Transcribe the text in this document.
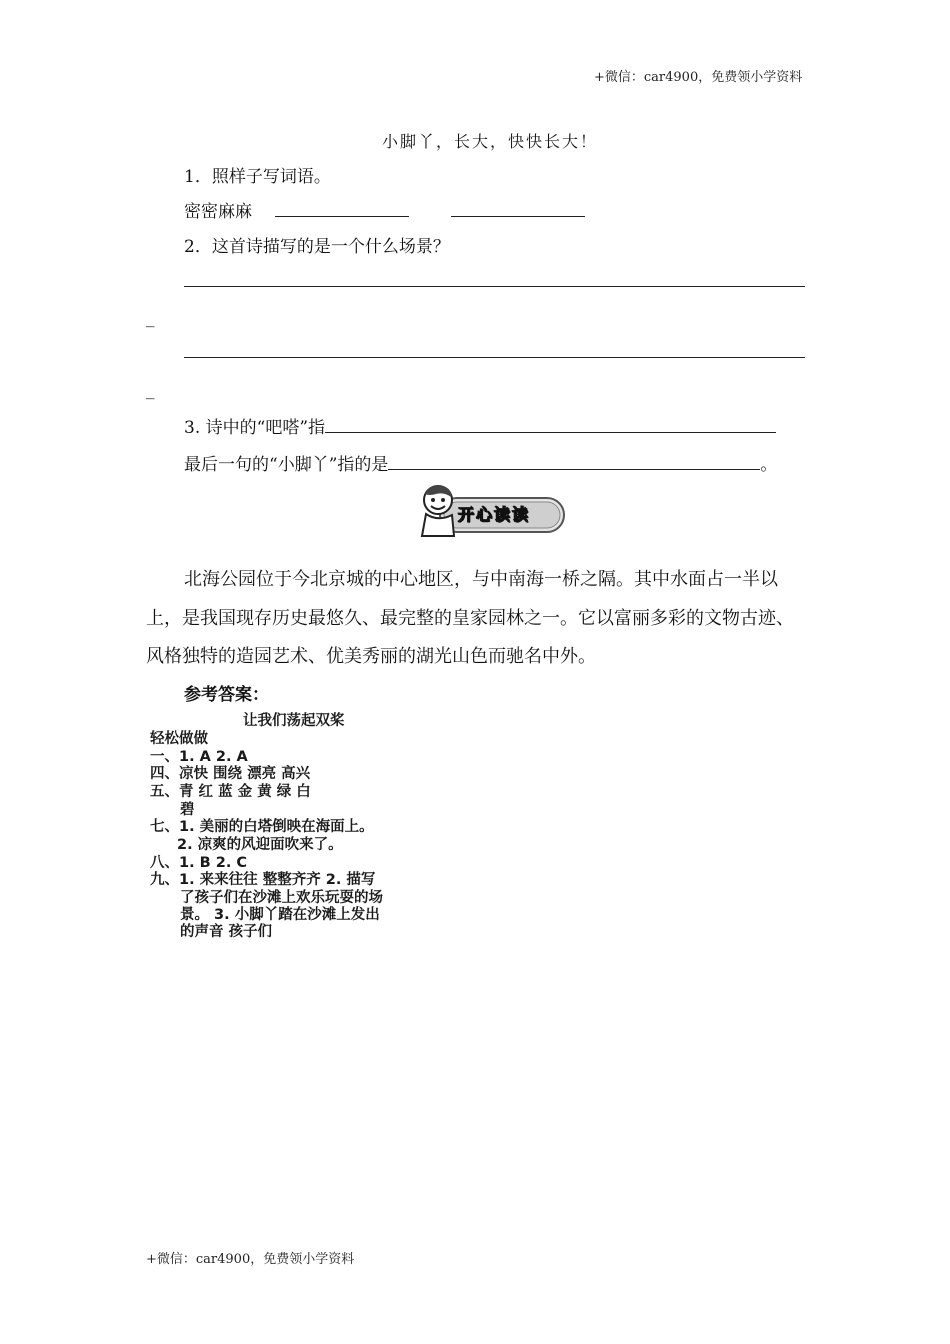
+微信：car4900，免费领小学资料
小脚丫，长大，快快长大！
1．照样子写词语。
密密麻麻
2．这首诗描写的是一个什么场景？
_
_
3. 诗中的“吧嗒”指
最后一句的“小脚丫”指的是	。
开心读读
北海公园位于今北京城的中心地区，与中南海一桥之隔。其中水面占一半以
上，是我国现存历史最悠久、最完整的皇家园林之一。它以富丽多彩的文物古迹、
风格独特的造园艺术、优美秀丽的湖光山色而驰名中外。
参考答案：
让我们荡起双桨
轻松做做
一、1. A 2. A
四、凉快 围绕 漂亮 高兴
五、青 红 蓝 金 黄 绿 白
碧
七、1. 美丽的白塔倒映在海面上。
2. 凉爽的风迎面吹来了。
八、1. B 2. C
九、1. 来来往往 整整齐齐 2. 描写
了孩子们在沙滩上欢乐玩耍的场
景。 3. 小脚丫踏在沙滩上发出
的声音 孩子们
+微信：car4900，免费领小学资料
